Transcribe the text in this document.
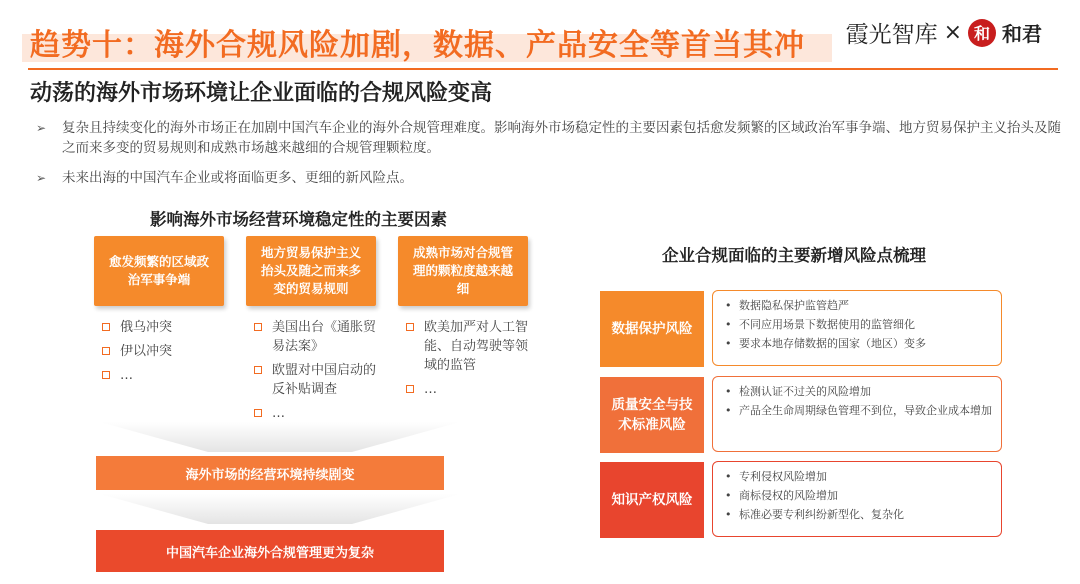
趋势十：海外合规风险加剧，数据、产品安全等首当其冲 霞光智库 × 和 和君
动荡的海外市场环境让企业面临的合规风险变高
➢ 复杂且持续变化的海外市场正在加剧中国汽车企业的海外合规管理难度。影响海外市场稳定性的主要因素包括愈发频繁的区域政治军事争端、地方贸易保护主义抬头及随之而来多变的贸易规则和成熟市场越来越细的合规管理颗粒度。
➢ 未来出海的中国汽车企业或将面临更多、更细的新风险点。
影响海外市场经营环境稳定性的主要因素
愈发频繁的区域政治军事争端
地方贸易保护主义抬头及随之而来多变的贸易规则
成熟市场对合规管理的颗粒度越来越细
俄乌冲突
伊以冲突
…
美国出台《通胀贸易法案》
欧盟对中国启动的反补贴调查
…
欧美加严对人工智能、自动驾驶等领域的监管
…
海外市场的经营环境持续剧变
中国汽车企业海外合规管理更为复杂
企业合规面临的主要新增风险点梳理
数据保护风险
• 数据隐私保护监管趋严
• 不同应用场景下数据使用的监管细化
• 要求本地存储数据的国家（地区）变多
质量安全与技术标准风险
• 检测认证不过关的风险增加
• 产品全生命周期绿色管理不到位，导致企业成本增加
知识产权风险
• 专利侵权风险增加
• 商标侵权的风险增加
• 标准必要专利纠纷新型化、复杂化
